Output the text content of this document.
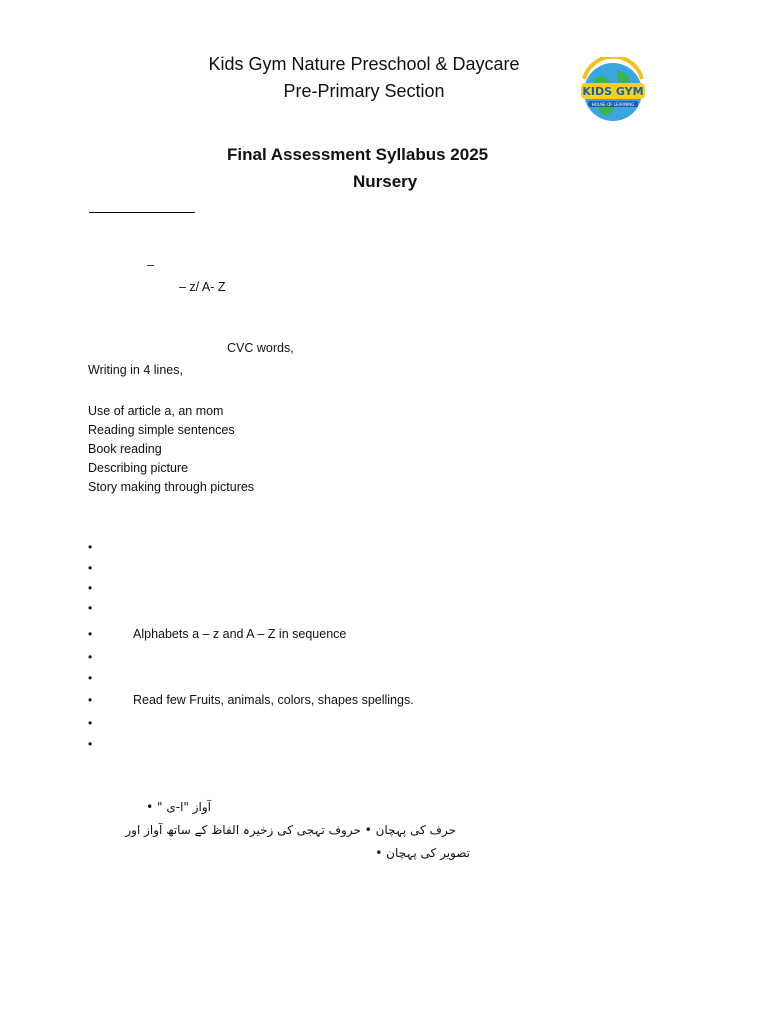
Kids Gym Nature Preschool & Daycare
Pre-Primary Section	KIDS GYM
HOUSE OF LEARNING
Final Assessment Syllabus 2025
Nursery
–
– z/ A- Z
CVC words,
Writing in 4 lines,
Use of article a, an mom
Reading simple sentences
Book reading
Describing picture
Story making through pictures
•
•
•
•
•	Alphabets a – z and A – Z in sequence
•
•
•	Read few Fruits, animals, colors, shapes spellings.
•
•
آواز "ا-ی " •
حرف کی پہچان • حروف تہجی کی زخیرہ الفاظ کے ساتھ آواز اور
تصویر کی پہچان •
